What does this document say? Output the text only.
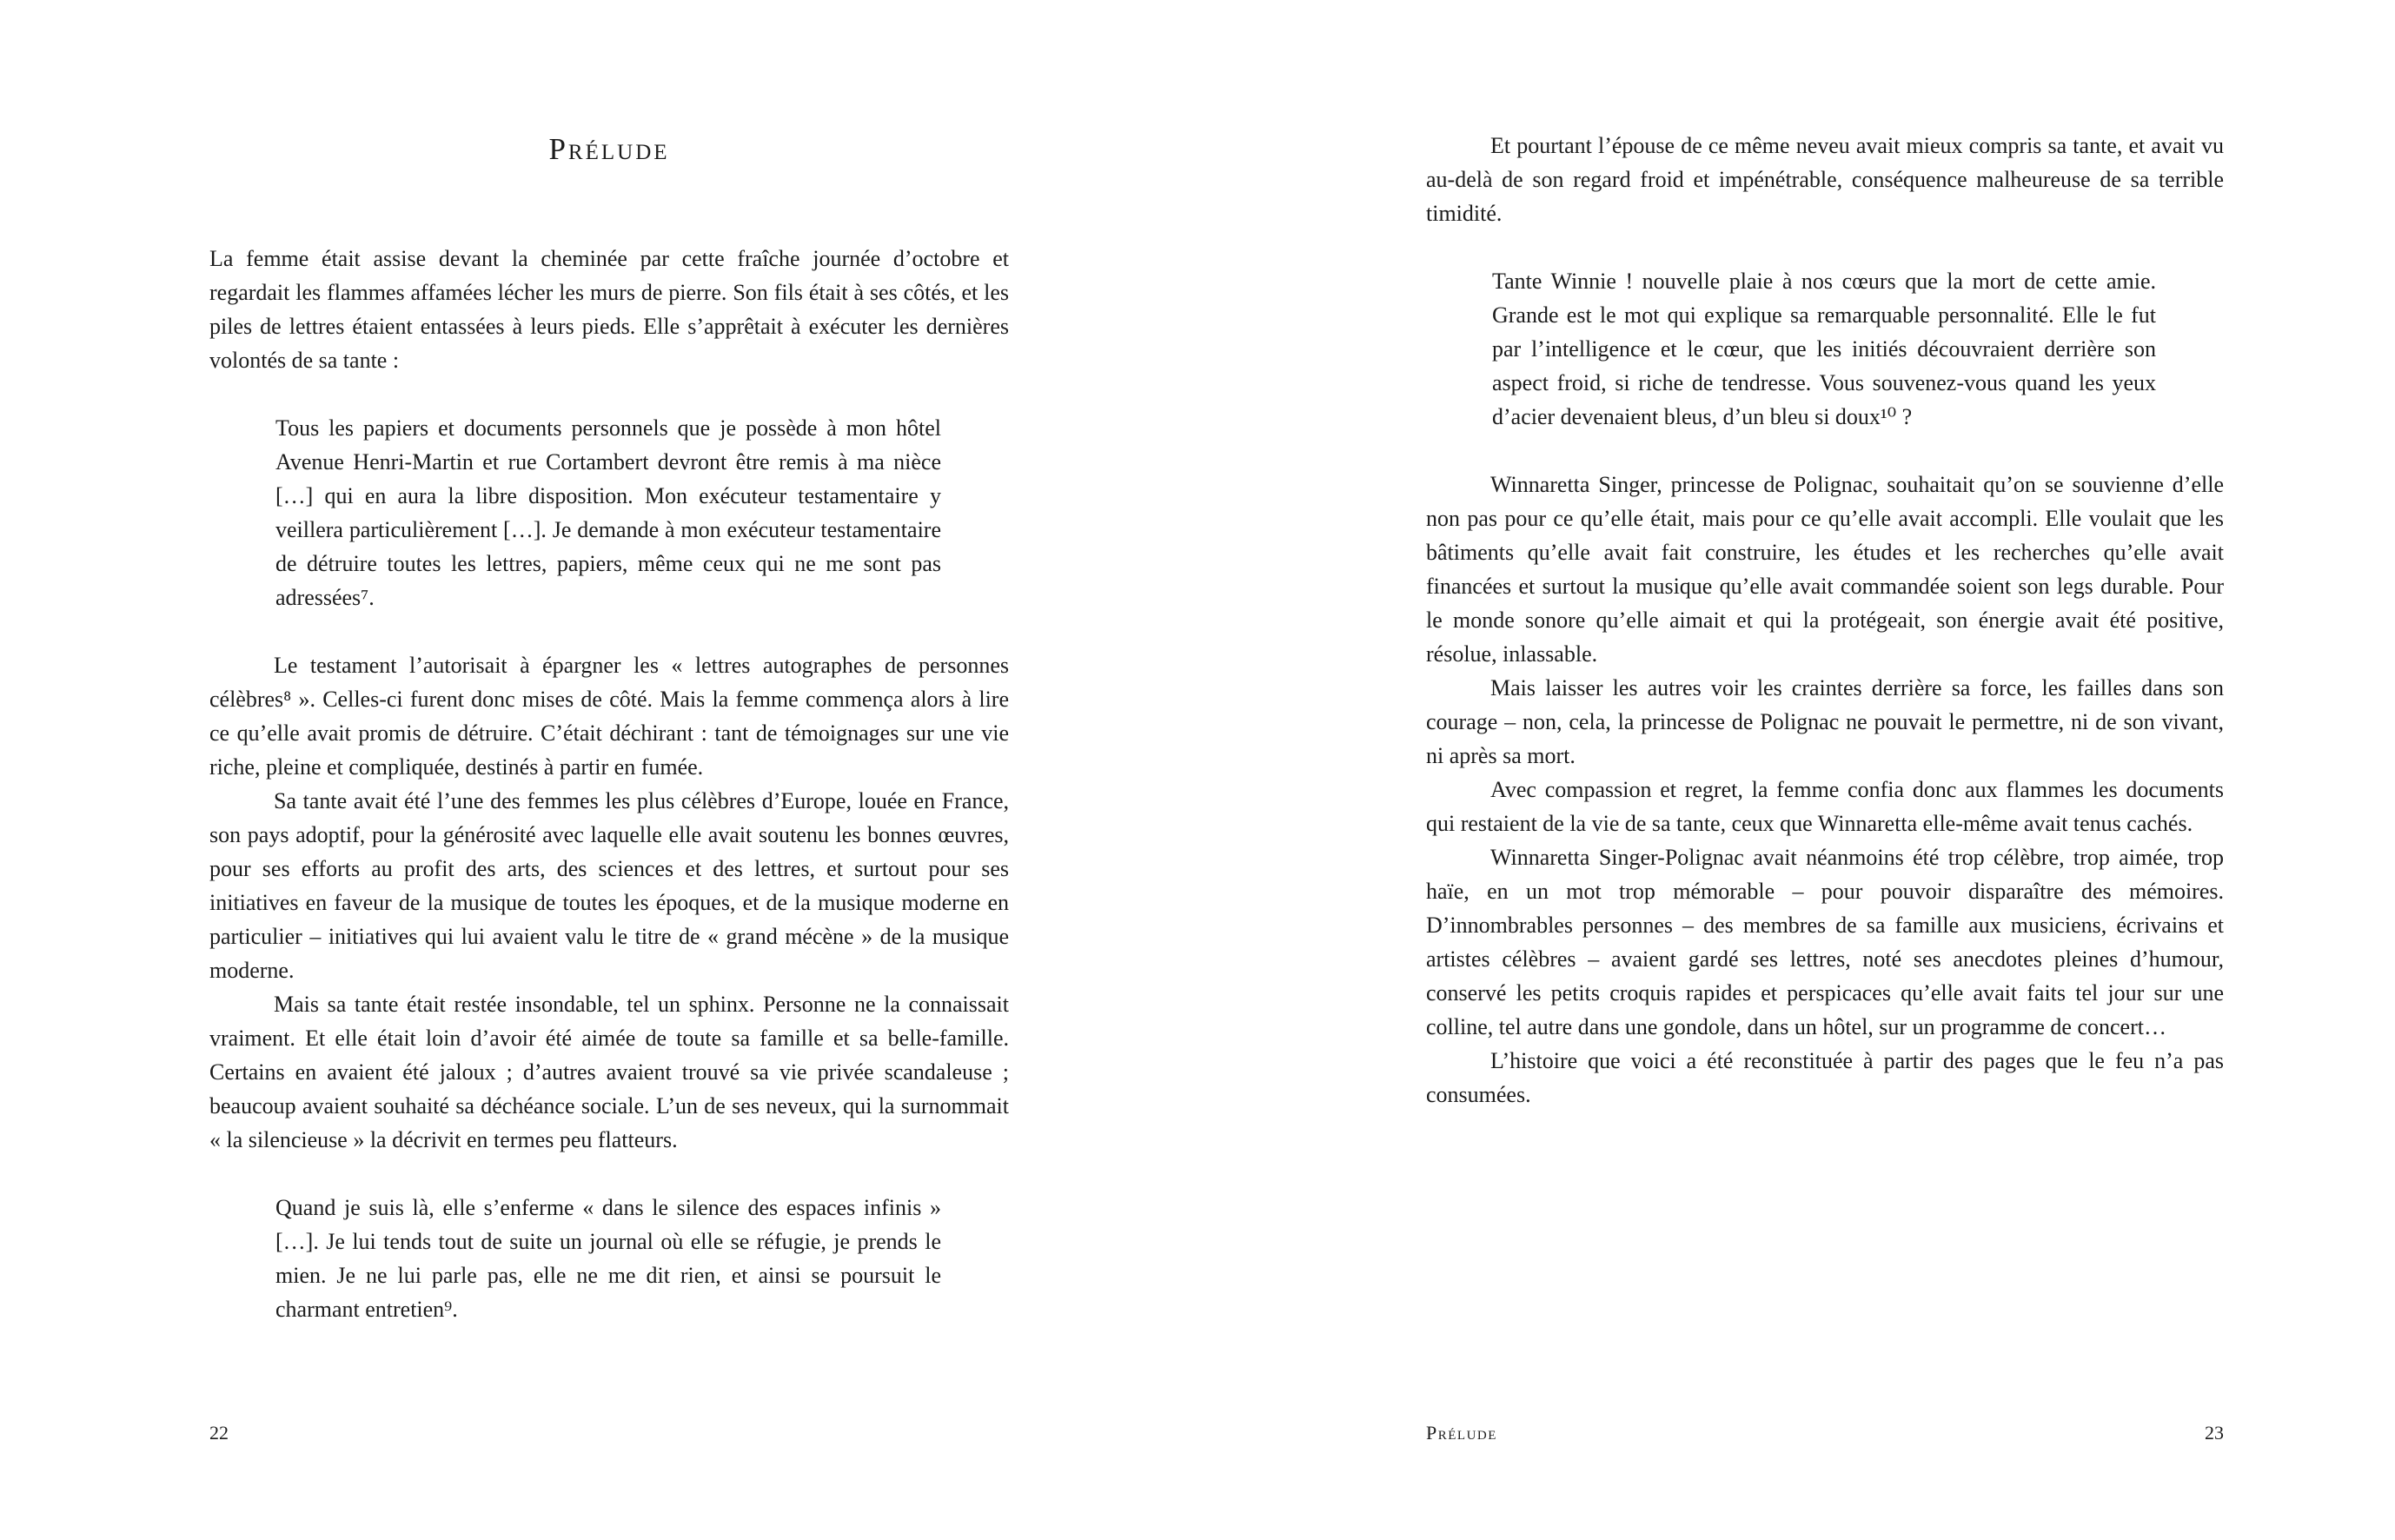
Prélude

La femme était assise devant la cheminée par cette fraîche journée d’octobre et regardait les flammes affamées lécher les murs de pierre. Son fils était à ses côtés, et les piles de lettres étaient entassées à leurs pieds. Elle s’apprêtait à exécuter les dernières volontés de sa tante :

Tous les papiers et documents personnels que je possède à mon hôtel Avenue Henri-Martin et rue Cortambert devront être remis à ma nièce […] qui en aura la libre disposition. Mon exécuteur testamentaire y veillera particulièrement […]. Je demande à mon exécuteur testamentaire de détruire toutes les lettres, papiers, même ceux qui ne me sont pas adressées⁷.

Le testament l’autorisait à épargner les « lettres autographes de personnes célèbres⁸ ». Celles-ci furent donc mises de côté. Mais la femme commença alors à lire ce qu’elle avait promis de détruire. C’était déchirant : tant de témoignages sur une vie riche, pleine et compliquée, destinés à partir en fumée.

Sa tante avait été l’une des femmes les plus célèbres d’Europe, louée en France, son pays adoptif, pour la générosité avec laquelle elle avait soutenu les bonnes œuvres, pour ses efforts au profit des arts, des sciences et des lettres, et surtout pour ses initiatives en faveur de la musique de toutes les époques, et de la musique moderne en particulier – initiatives qui lui avaient valu le titre de « grand mécène » de la musique moderne.

Mais sa tante était restée insondable, tel un sphinx. Personne ne la connaissait vraiment. Et elle était loin d’avoir été aimée de toute sa famille et sa belle-famille. Certains en avaient été jaloux ; d’autres avaient trouvé sa vie privée scandaleuse ; beaucoup avaient souhaité sa déchéance sociale. L’un de ses neveux, qui la surnommait « la silencieuse » la décrivit en termes peu flatteurs.

Quand je suis là, elle s’enferme « dans le silence des espaces infinis » […]. Je lui tends tout de suite un journal où elle se réfugie, je prends le mien. Je ne lui parle pas, elle ne me dit rien, et ainsi se poursuit le charmant entretien⁹.

Et pourtant l’épouse de ce même neveu avait mieux compris sa tante, et avait vu au-delà de son regard froid et impénétrable, conséquence malheureuse de sa terrible timidité.

Tante Winnie ! nouvelle plaie à nos cœurs que la mort de cette amie. Grande est le mot qui explique sa remarquable personnalité. Elle le fut par l’intelligence et le cœur, que les initiés découvraient derrière son aspect froid, si riche de tendresse. Vous souvenez-vous quand les yeux d’acier devenaient bleus, d’un bleu si doux¹⁰ ?

Winnaretta Singer, princesse de Polignac, souhaitait qu’on se souvienne d’elle non pas pour ce qu’elle était, mais pour ce qu’elle avait accompli. Elle voulait que les bâtiments qu’elle avait fait construire, les études et les recherches qu’elle avait financées et surtout la musique qu’elle avait commandée soient son legs durable. Pour le monde sonore qu’elle aimait et qui la protégeait, son énergie avait été positive, résolue, inlassable.

Mais laisser les autres voir les craintes derrière sa force, les failles dans son courage – non, cela, la princesse de Polignac ne pouvait le permettre, ni de son vivant, ni après sa mort.

Avec compassion et regret, la femme confia donc aux flammes les documents qui restaient de la vie de sa tante, ceux que Winnaretta elle-même avait tenus cachés.

Winnaretta Singer-Polignac avait néanmoins été trop célèbre, trop aimée, trop haïe, en un mot trop mémorable – pour pouvoir disparaître des mémoires. D’innombrables personnes – des membres de sa famille aux musiciens, écrivains et artistes célèbres – avaient gardé ses lettres, noté ses anecdotes pleines d’humour, conservé les petits croquis rapides et perspicaces qu’elle avait faits tel jour sur une colline, tel autre dans une gondole, dans un hôtel, sur un programme de concert…

L’histoire que voici a été reconstituée à partir des pages que le feu n’a pas consumées.

22	Prélude	23
